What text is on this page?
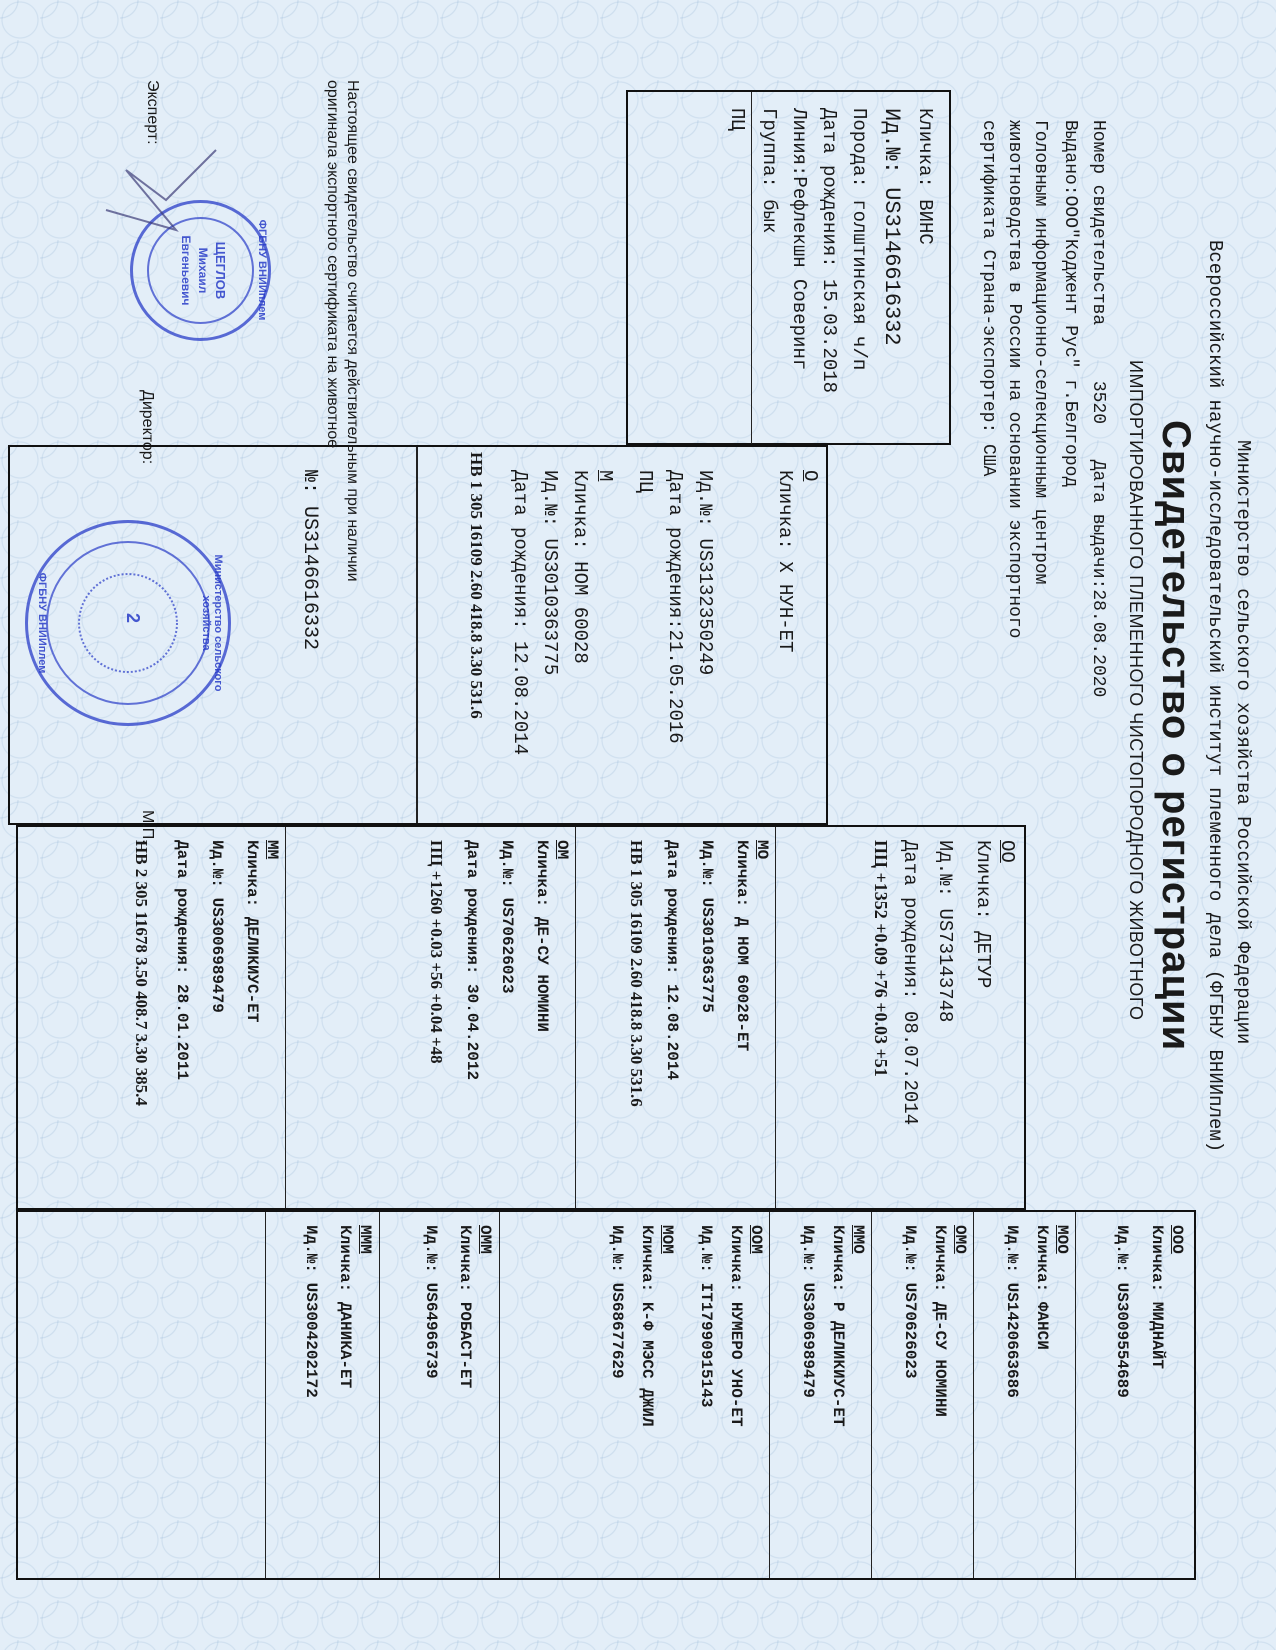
Министерство сельского хозяйства Российской Федерации
Всероссийский научно-исследовательский институт племенного дела (ФГБНУ ВНИИплем)
Свидетельство о регистрации
ИМПОРТИРОВАННОГО ПЛЕМЕННОГО ЧИСТОПОРОДНОГО ЖИВОТНОГО
Номер свидетельства  3520  Дата выдачи:28.08.2020
Выдано:ООО"Коджент Рус" г.Белгород
Головным информационно-селекционным центром
животноводства в России на основании экспортного
сертификата Страна-экспортер: США
Кличка: ВИНС
Ид.№: US3146616332
Порода: голштинская ч/п
Дата рождения: 15.03.2018
Линия:Рефлекшн Соверинг
Группа: бык
ПЦ
О
Кличка: Х НУН-ЕТ
Ид.№: US3132350249
Дата рождения:21.05.2016
ПЦ
М
Кличка: НОМ 60028
Ид.№: US3010363775
Дата рождения: 12.08.2014
НВ 1 305 16109 2.60 418.8 3.30 531.6
ОО
Кличка: ДЕТУР
Ид.№: US73143748
Дата рождения: 08.07.2014
ПЦ +1352 +0.09 +76 +0.03 +51
МО
Кличка: Д НОМ 60028-ЕТ
Ид.№: US3010363775
Дата рождения: 12.08.2014
НВ 1 305 16109 2.60 418.8 3.30 531.6
ОМ
Кличка: ДЕ-СУ НОМИНИ
Ид.№: US70626023
Дата рождения: 30.04.2012
ПЦ +1260 +0.03 +56 +0.04 +48
ММ
Кличка: ДЕЛИКИУС-ЕТ
Ид.№: US3006989479
Дата рождения: 28.01.2011
НВ 2 305 11678 3.50 408.7 3.30 385.4
ООО
Кличка: МИДНАЙТ
Ид.№: US3009554689
МОО
Кличка: ФАНСИ
Ид.№: US1420663686
ОМО
Кличка: ДЕ-СУ НОМИНИ
Ид.№: US70626023
ММО
Кличка: Р ДЕЛИКИУС-ЕТ
Ид.№: US3006989479
ООМ
Кличка: НУМЕРО УНО-ЕТ
Ид.№: IT17990915143
МОМ
Кличка: К-Ф МЭСС ДЖИЛ
Ид.№: US68677629
ОММ
Кличка: РОБАСТ-ЕТ
Ид.№: US64966739
МММ
Кличка: ДАНИКА-ЕТ
Ид.№: US3004202172
Настоящее свидетельство считается действительным при наличии
оригинала экспортного сертификата на животное
№: US3146616332
Эксперт:
Директор:
М.П.
ФГБНУ ВНИИплем
ЩЕГЛОВ
Михаил
Евгеньевич
Министерство сельского хозяйства
ФГБНУ ВНИИплем	2
